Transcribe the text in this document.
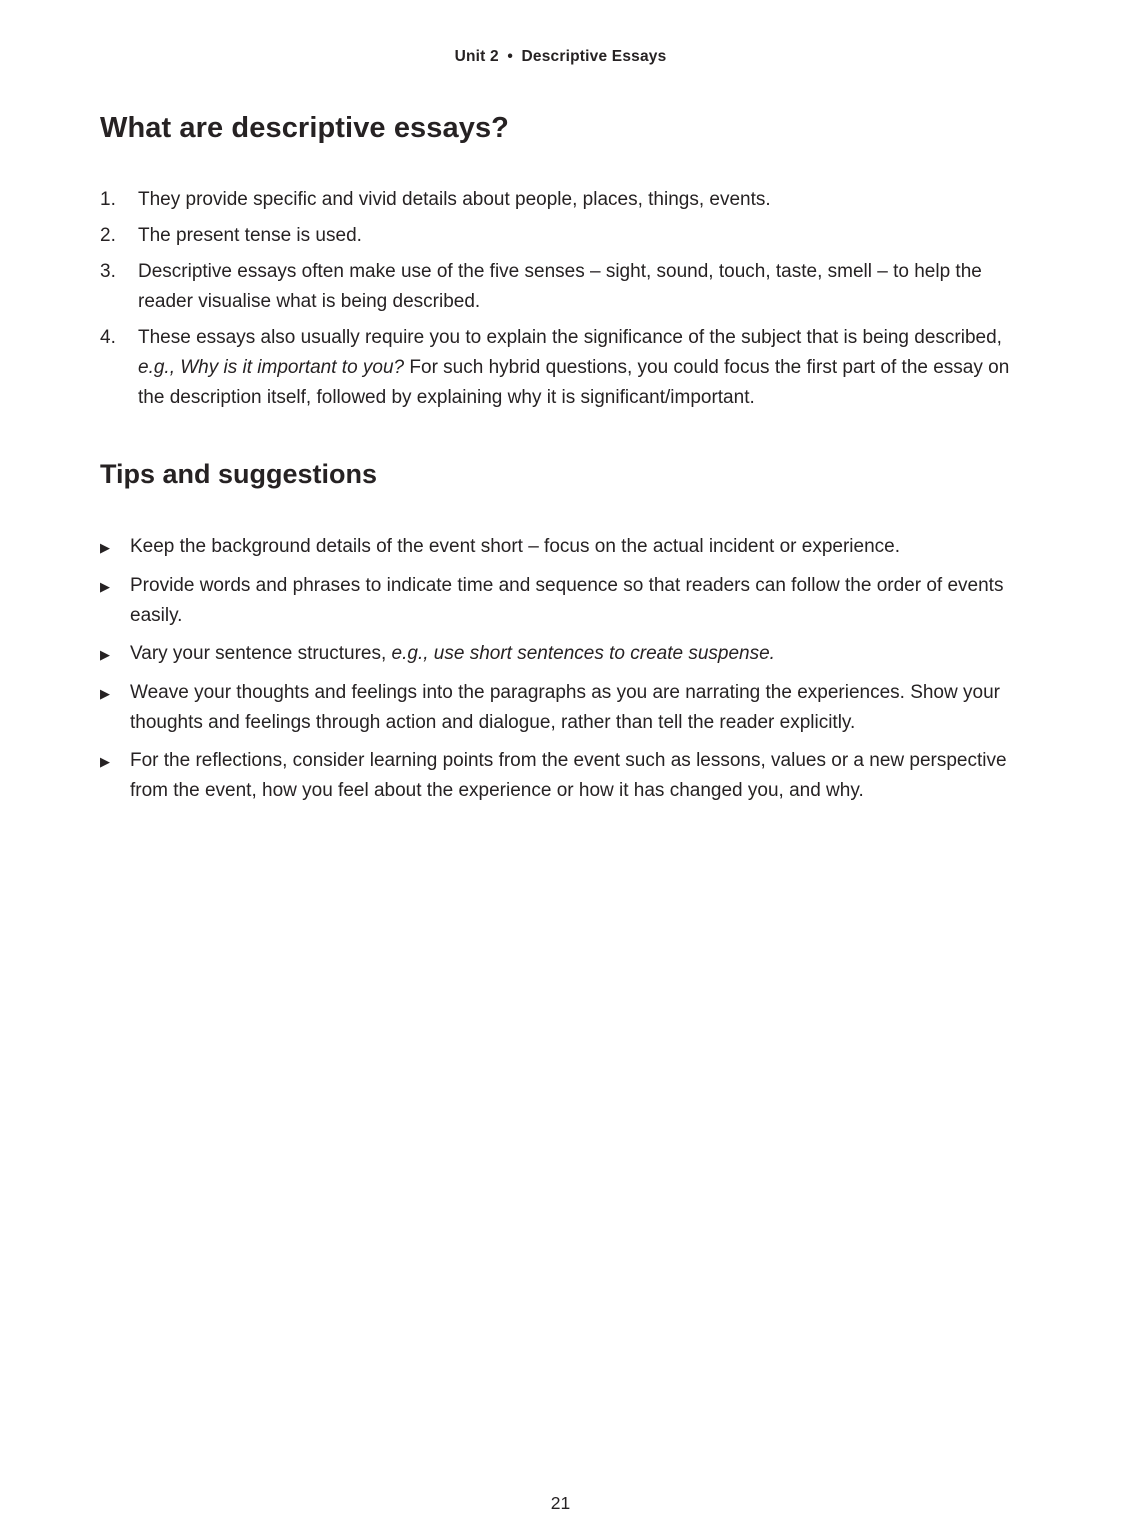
Unit 2 • Descriptive Essays
What are descriptive essays?
1.	They provide specific and vivid details about people, places, things, events.
2.	The present tense is used.
3.	Descriptive essays often make use of the five senses – sight, sound, touch, taste, smell – to help the reader visualise what is being described.
4.	These essays also usually require you to explain the significance of the subject that is being described, e.g., Why is it important to you? For such hybrid questions, you could focus the first part of the essay on the description itself, followed by explaining why it is significant/important.
Tips and suggestions
▶	Keep the background details of the event short – focus on the actual incident or experience.
▶	Provide words and phrases to indicate time and sequence so that readers can follow the order of events easily.
▶	Vary your sentence structures, e.g., use short sentences to create suspense.
▶	Weave your thoughts and feelings into the paragraphs as you are narrating the experiences. Show your thoughts and feelings through action and dialogue, rather than tell the reader explicitly.
▶	For the reflections, consider learning points from the event such as lessons, values or a new perspective from the event, how you feel about the experience or how it has changed you, and why.
21
